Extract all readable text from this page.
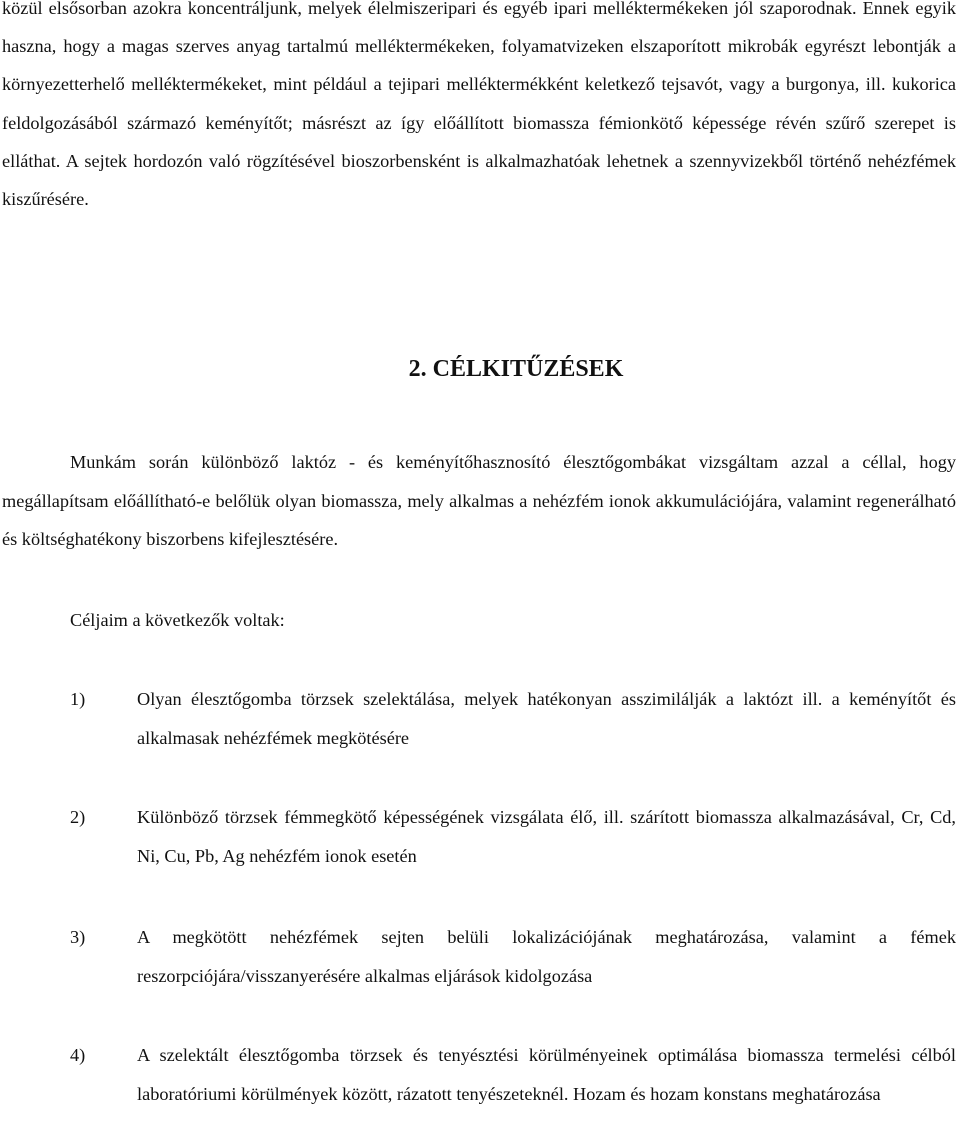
közül elsősorban azokra koncentráljunk, melyek élelmiszeripari és egyéb ipari melléktermékeken jól szaporodnak. Ennek egyik haszna, hogy a magas szerves anyag tartalmú melléktermékeken, folyamatvizeken elszaporított mikrobák egyrészt lebontják a környezetterhelő melléktermékeket, mint például a tejipari melléktermékként keletkező tejsavót, vagy a burgonya, ill. kukorica feldolgozásából származó keményítőt; másrészt az így előállított biomassza fémionkötő képessége révén szűrő szerepet is elláthat. A sejtek hordozón való rögzítésével bioszorbensként is alkalmazhatóak lehetnek a szennyvizekből történő nehézfémek kiszűrésére.

2. CÉLKITŰZÉSEK

Munkám során különböző laktóz - és keményítőhasznosító élesztőgombákat vizsgáltam azzal a céllal, hogy megállapítsam előállítható-e belőlük olyan biomassza, mely alkalmas a nehézfém ionok akkumulációjára, valamint regenerálható és költséghatékony biszorbens kifejlesztésére.

Céljaim a következők voltak:

1)	Olyan élesztőgomba törzsek szelektálása, melyek hatékonyan asszimilálják a laktózt ill. a keményítőt és alkalmasak nehézfémek megkötésére
2)	Különböző törzsek fémmegkötő képességének vizsgálata élő, ill. szárított biomassza alkalmazásával, Cr, Cd, Ni, Cu, Pb, Ag nehézfém ionok esetén
3)	A megkötött nehézfémek sejten belüli lokalizációjának meghatározása, valamint a fémek reszorpciójára/visszanyerésére alkalmas eljárások kidolgozása
4)	A szelektált élesztőgomba törzsek és tenyésztési körülményeinek optimálása biomassza termelési célból laboratóriumi körülmények között, rázatott tenyészeteknél. Hozam és hozam konstans meghatározása
